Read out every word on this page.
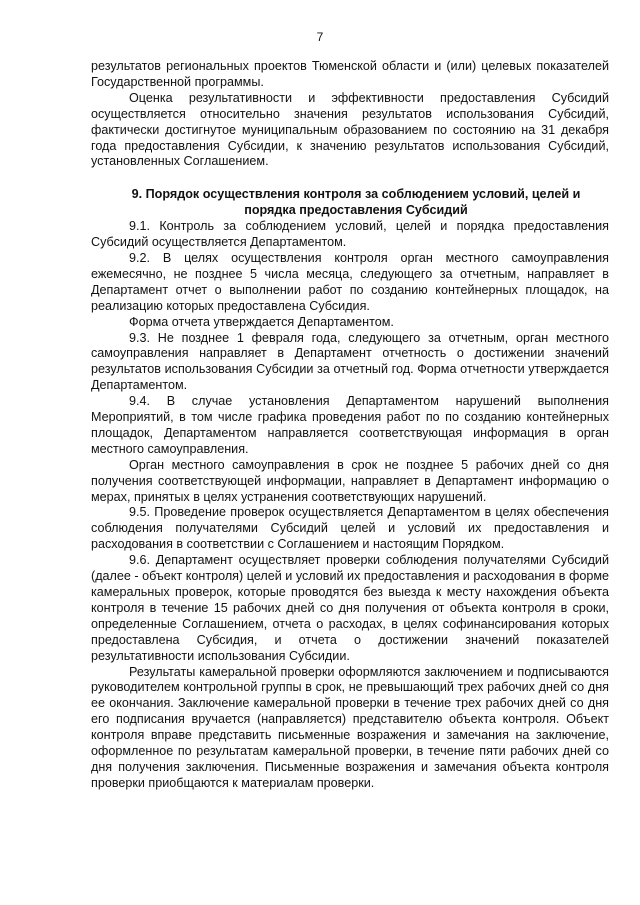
7

результатов региональных проектов Тюменской области и (или) целевых показателей Государственной программы.

Оценка результативности и эффективности предоставления Субсидий осуществляется относительно значения результатов использования Субсидий, фактически достигнутое муниципальным образованием по состоянию на 31 декабря года предоставления Субсидии, к значению результатов использования Субсидий, установленных Соглашением.

9. Порядок осуществления контроля за соблюдением условий, целей и порядка предоставления Субсидий

9.1. Контроль за соблюдением условий, целей и порядка предоставления Субсидий осуществляется Департаментом.

9.2. В целях осуществления контроля орган местного самоуправления ежемесячно, не позднее 5 числа месяца, следующего за отчетным, направляет в Департамент отчет о выполнении работ по созданию контейнерных площадок, на реализацию которых предоставлена Субсидия.

Форма отчета утверждается Департаментом.

9.3. Не позднее 1 февраля года, следующего за отчетным, орган местного самоуправления направляет в Департамент отчетность о достижении значений результатов использования Субсидии за отчетный год. Форма отчетности утверждается Департаментом.

9.4. В случае установления Департаментом нарушений выполнения Мероприятий, в том числе графика проведения работ по по созданию контейнерных площадок, Департаментом направляется соответствующая информация в орган местного самоуправления.

Орган местного самоуправления в срок не позднее 5 рабочих дней со дня получения соответствующей информации, направляет в Департамент информацию о мерах, принятых в целях устранения соответствующих нарушений.

9.5. Проведение проверок осуществляется Департаментом в целях обеспечения соблюдения получателями Субсидий целей и условий их предоставления и расходования в соответствии с Соглашением и настоящим Порядком.

9.6. Департамент осуществляет проверки соблюдения получателями Субсидий (далее - объект контроля) целей и условий их предоставления и расходования в форме камеральных проверок, которые проводятся без выезда к месту нахождения объекта контроля в течение 15 рабочих дней со дня получения от объекта контроля в сроки, определенные Соглашением, отчета о расходах, в целях софинансирования которых предоставлена Субсидия, и отчета о достижении значений показателей результативности использования Субсидии.

Результаты камеральной проверки оформляются заключением и подписываются руководителем контрольной группы в срок, не превышающий трех рабочих дней со дня ее окончания. Заключение камеральной проверки в течение трех рабочих дней со дня его подписания вручается (направляется) представителю объекта контроля. Объект контроля вправе представить письменные возражения и замечания на заключение, оформленное по результатам камеральной проверки, в течение пяти рабочих дней со дня получения заключения. Письменные возражения и замечания объекта контроля проверки приобщаются к материалам проверки.
